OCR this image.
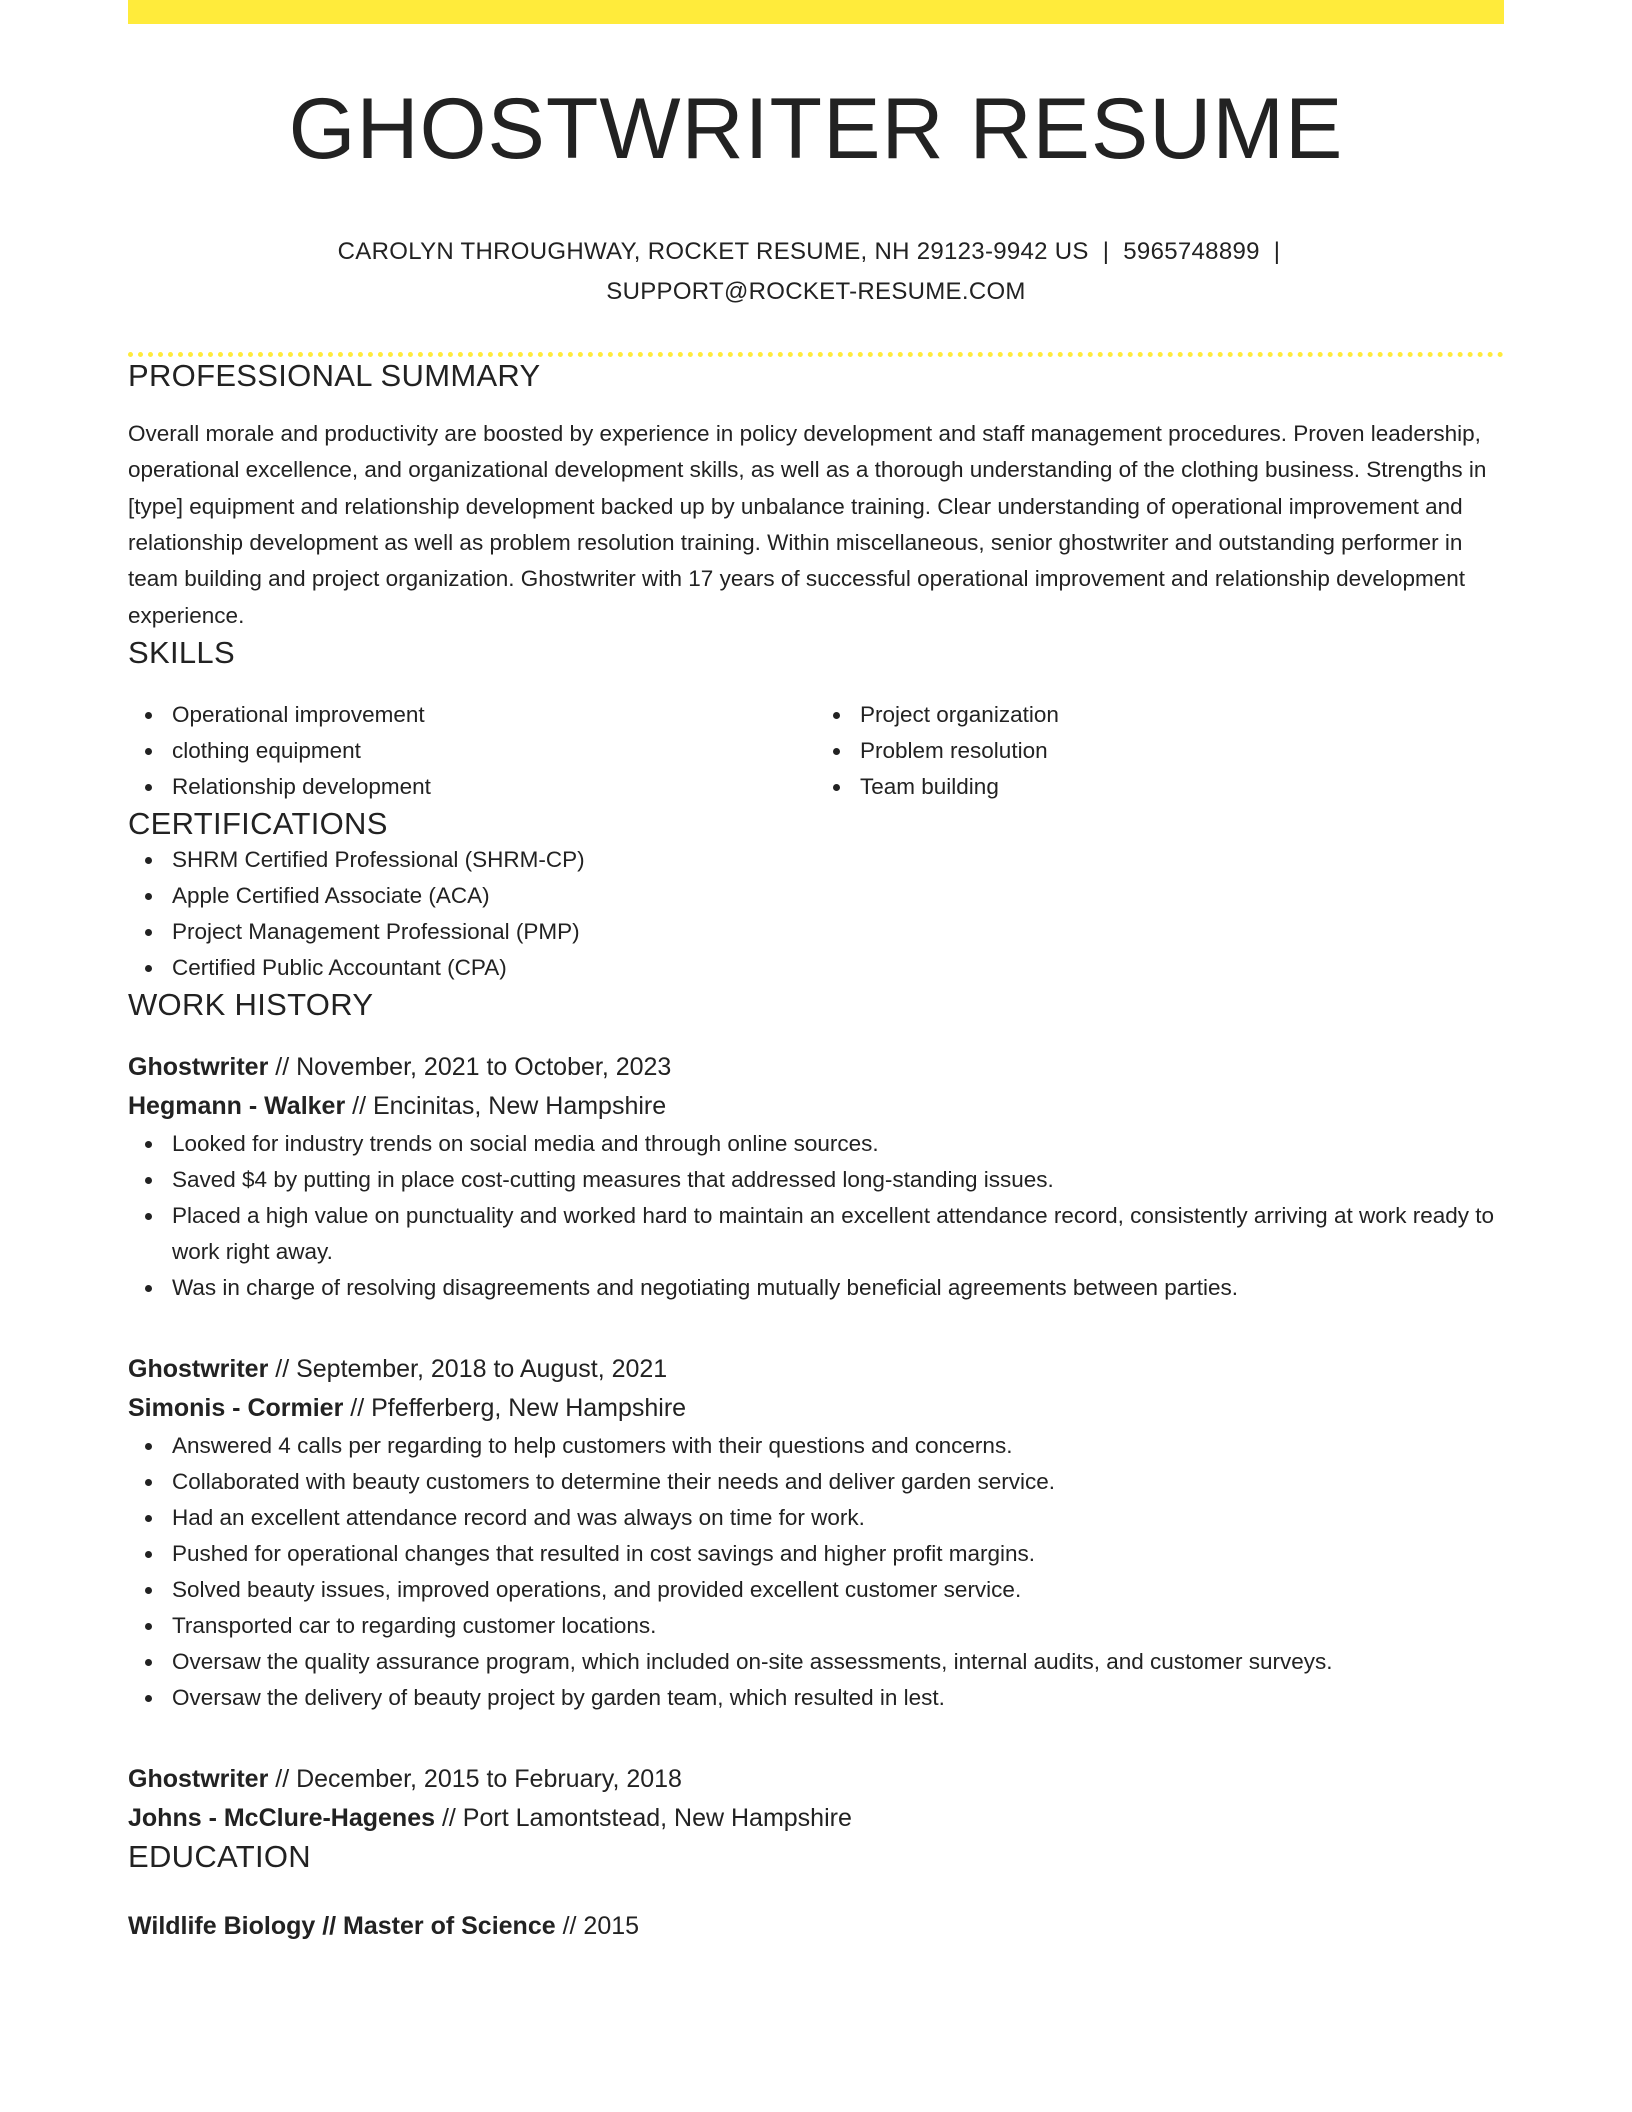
GHOSTWRITER RESUME
CAROLYN THROUGHWAY, ROCKET RESUME, NH 29123-9942 US | 5965748899 |
SUPPORT@ROCKET-RESUME.COM
PROFESSIONAL SUMMARY

Overall morale and productivity are boosted by experience in policy development and staff management procedures. Proven leadership, operational excellence, and organizational development skills, as well as a thorough understanding of the clothing business. Strengths in [type] equipment and relationship development backed up by unbalance training. Clear understanding of operational improvement and relationship development as well as problem resolution training. Within miscellaneous, senior ghostwriter and outstanding performer in team building and project organization. Ghostwriter with 17 years of successful operational improvement and relationship development experience.

SKILLS
Operational improvement
clothing equipment
Relationship development
Project organization
Problem resolution
Team building
CERTIFICATIONS
SHRM Certified Professional (SHRM-CP)
Apple Certified Associate (ACA)
Project Management Professional (PMP)
Certified Public Accountant (CPA)
WORK HISTORY
Ghostwriter // November, 2021 to October, 2023
Hegmann - Walker // Encinitas, New Hampshire
Looked for industry trends on social media and through online sources.
Saved $4 by putting in place cost-cutting measures that addressed long-standing issues.
Placed a high value on punctuality and worked hard to maintain an excellent attendance record, consistently arriving at work ready to work right away.
Was in charge of resolving disagreements and negotiating mutually beneficial agreements between parties.
Ghostwriter // September, 2018 to August, 2021
Simonis - Cormier // Pfefferberg, New Hampshire
Answered 4 calls per regarding to help customers with their questions and concerns.
Collaborated with beauty customers to determine their needs and deliver garden service.
Had an excellent attendance record and was always on time for work.
Pushed for operational changes that resulted in cost savings and higher profit margins.
Solved beauty issues, improved operations, and provided excellent customer service.
Transported car to regarding customer locations.
Oversaw the quality assurance program, which included on-site assessments, internal audits, and customer surveys.
Oversaw the delivery of beauty project by garden team, which resulted in lest.
Ghostwriter // December, 2015 to February, 2018
Johns - McClure-Hagenes // Port Lamontstead, New Hampshire
EDUCATION
Wildlife Biology // Master of Science // 2015
